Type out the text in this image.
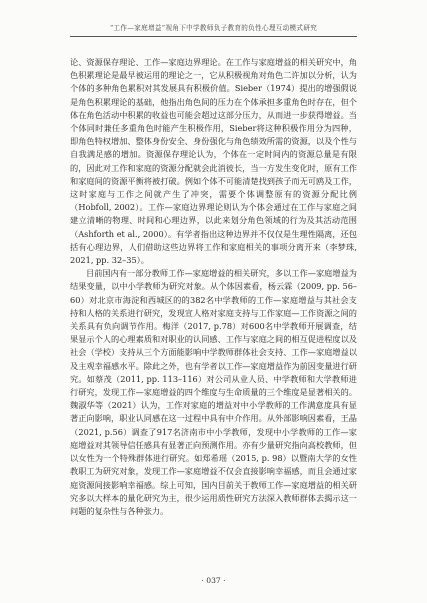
“工作—家庭增益”视角下中学教师负子教育的负性心理互动模式研究

论、资源保存理论、工作—家庭边界理论。在工作与家庭增益的相关研究中，角色积累理论是最早被运用的理论之一，它从积极视角对角色二许加以分析，认为个体的多种角色累积对其发展具有积极价值。Sieber（1974）提出的增强假说是角色积累理论的基础，他指出角色间的压力在个体承担多重角色时存在，但个体在角色活动中积累的收益也可能会超过这部分压力，从而进一步获得增益。当个体同时兼任多重角色时能产生积极作用，Sieber将这种积极作用分为四种，即角色特权增加、整体身份安全、身份强化与角色绩效所需的资源，以及个性与自我满足感的增加。资源保存理论认为，个体在一定时间内的资源总量是有限的，因此对工作和家庭的资源分配就会此消彼长，当一方发生变化时，原有工作和家庭间的资源平衡将被打破。例如个体不可能清楚找到孩子而无可鸥及工作，这时家庭与工作之间就产生了冲突，需要个体调整原有的资源分配比例（Hobfoll, 2002）。工作—家庭边界理论则认为个体会通过在工作与家庭之间建立清晰的物理、时间和心理边界，以此来划分角色领域的行为及其活动范围（Ashforth et al., 2000）。有学者指出这种边界并不仅仅是生理性隔离，还包括有心理边界，人们借助这些边界将工作和家庭相关的事项分离开来（李梦珠, 2021, pp. 32–35）。

目前国内有一部分教师工作—家庭增益的相关研究，多以工作—家庭增益为结果变量，以中小学教师为研究对象。从个体因素看，杨云霖（2009, pp. 56–60）对北京市海淀和西城区的的382名中学教师的工作—家庭增益与其社会支持和人格的关系进行研究，发现宣人格对家庭支持与工作家庭—工作资源之间的关系具有负向调节作用。梅洋（2017, p.78）对600名中学教师开展调查，结果显示个人的心理素质和对职业的认同感、工作与家庭之间的相互促进程度以及社会（学校）支持从三个方面能影响中学教师群体社会支持、工作—家庭增益以及主观幸福感水平。除此之外，也有学者以工作—家庭增益作为前因变量进行研究。如蔡茂（2011, pp. 113–116）对公司从业人员、中学教师和大学教师进行研究，发现工作—家庭增益的四个维度与生命质量的三个维度是显著相关的。魏淑华等（2021）认为，工作对家庭的增益对中小学教师的工作满意度具有显著正向影响，职业认同感在这一过程中具有中介作用。从外部影响因素看，王晶（2021, p.56）调查了917名济南市中小学教师，发现中小学教师的工作—家庭增益对其领导信任感具有显著正向预测作用。亦有少量研究指向高校教师，但以女性为一个特殊群体进行研究。如郑希瑶（2015, p. 98）以暨南大学的女性教职工为研究对象，发现工作—家庭增益不仅会直接影响幸福感，而且会通过家庭资源间接影响幸福感。综上可知，国内目前关于教师工作—家庭增益的相关研究多以大样本的量化研究为主，很少运用质性研究方法深入教师群体去揭示这一问题的复杂性与各种张力。

· 037 ·
